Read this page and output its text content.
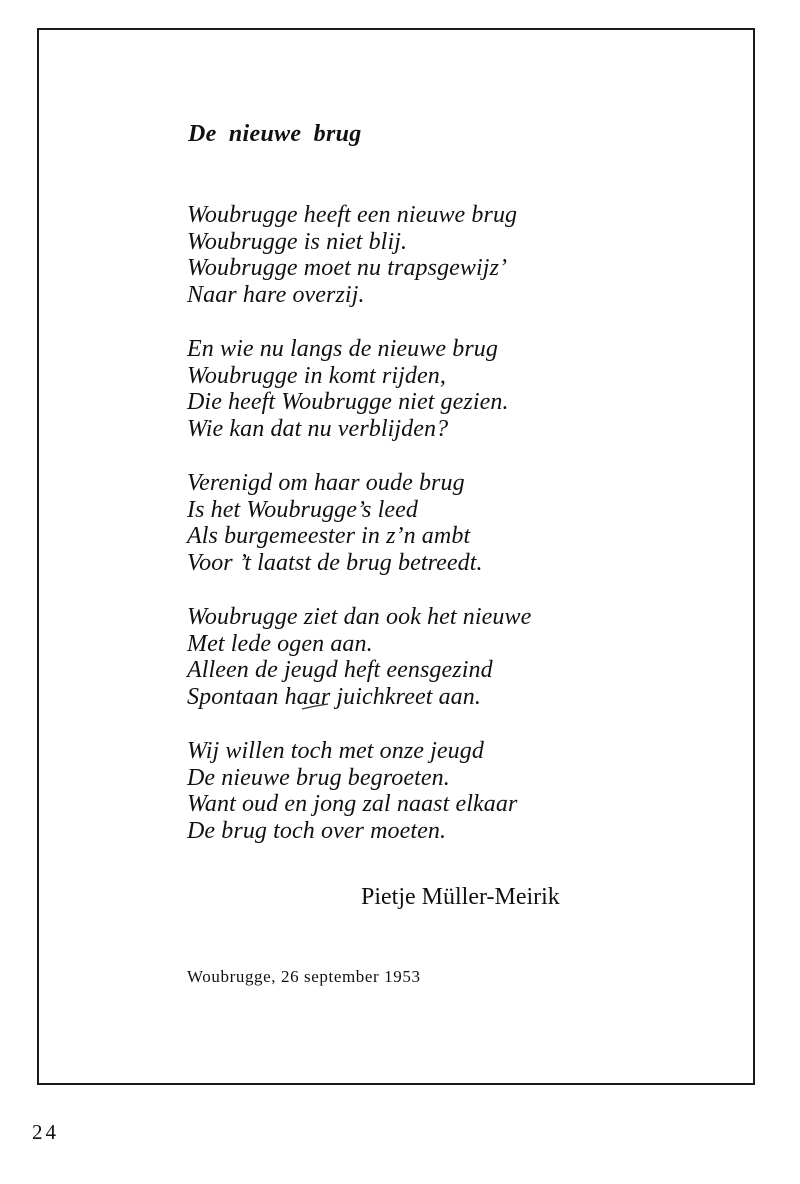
De nieuwe brug
Woubrugge heeft een nieuwe brug
Woubrugge is niet blij.
Woubrugge moet nu trapsgewijz’
Naar hare overzij.
En wie nu langs de nieuwe brug
Woubrugge in komt rijden,
Die heeft Woubrugge niet gezien.
Wie kan dat nu verblijden?
Verenigd om haar oude brug
Is het Woubrugge’s leed
Als burgemeester in z’n ambt
Voor ’t laatst de brug betreedt.
Woubrugge ziet dan ook het nieuwe
Met lede ogen aan.
Alleen de jeugd heft eensgezind
Spontaan haar juichkreet aan.
Wij willen toch met onze jeugd
De nieuwe brug begroeten.
Want oud en jong zal naast elkaar
De brug toch over moeten.

Pietje Müller-Meirik

Woubrugge, 26 september 1953

24
